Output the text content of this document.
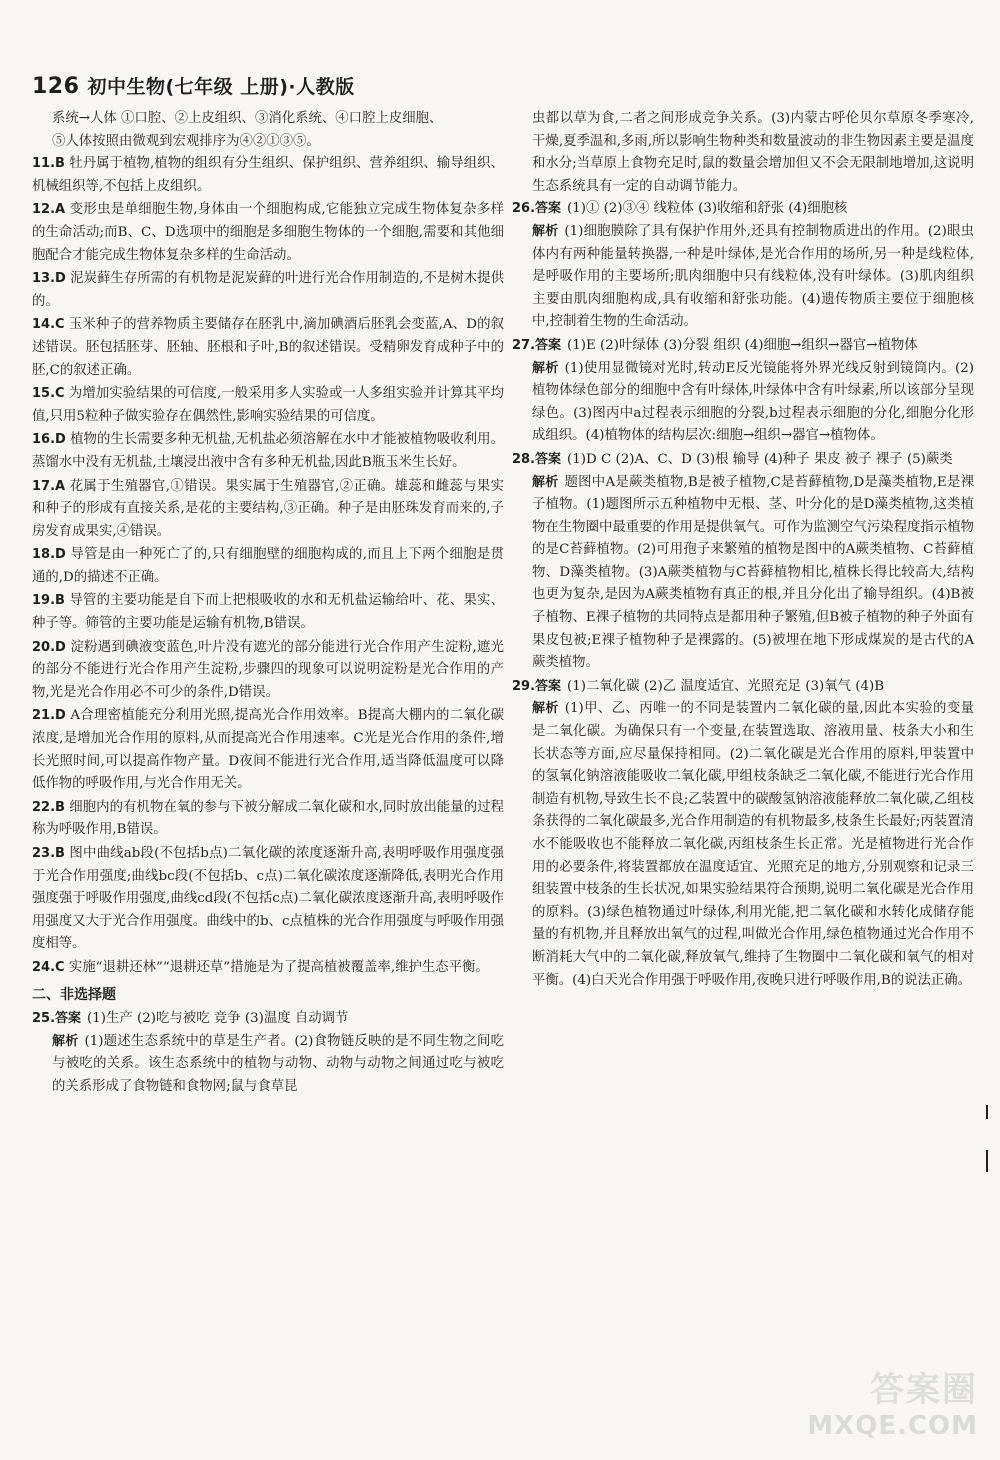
126 初中生物(七年级 上册)·人教版

系统→人体 ①口腔、②上皮组织、③消化系统、④口腔上皮细胞、

⑤人体按照由微观到宏观排序为④②①③⑤。

11.B 牡丹属于植物,植物的组织有分生组织、保护组织、营养组织、输导组织、机械组织等,不包括上皮组织。

12.A 变形虫是单细胞生物,身体由一个细胞构成,它能独立完成生物体复杂多样的生命活动;而B、C、D选项中的细胞是多细胞生物体的一个细胞,需要和其他细胞配合才能完成生物体复杂多样的生命活动。

13.D 泥炭藓生存所需的有机物是泥炭藓的叶进行光合作用制造的,不是树木提供的。

14.C 玉米种子的营养物质主要储存在胚乳中,滴加碘酒后胚乳会变蓝,A、D的叙述错误。胚包括胚芽、胚轴、胚根和子叶,B的叙述错误。受精卵发育成种子中的胚,C的叙述正确。

15.C 为增加实验结果的可信度,一般采用多人实验或一人多组实验并计算其平均值,只用5粒种子做实验存在偶然性,影响实验结果的可信度。

16.D 植物的生长需要多种无机盐,无机盐必须溶解在水中才能被植物吸收利用。蒸馏水中没有无机盐,土壤浸出液中含有多种无机盐,因此B瓶玉米生长好。

17.A 花属于生殖器官,①错误。果实属于生殖器官,②正确。雄蕊和雌蕊与果实和种子的形成有直接关系,是花的主要结构,③正确。种子是由胚珠发育而来的,子房发育成果实,④错误。

18.D 导管是由一种死亡了的,只有细胞壁的细胞构成的,而且上下两个细胞是贯通的,D的描述不正确。

19.B 导管的主要功能是自下而上把根吸收的水和无机盐运输给叶、花、果实、种子等。筛管的主要功能是运输有机物,B错误。

20.D 淀粉遇到碘液变蓝色,叶片没有遮光的部分能进行光合作用产生淀粉,遮光的部分不能进行光合作用产生淀粉,步骤四的现象可以说明淀粉是光合作用的产物,光是光合作用必不可少的条件,D错误。

21.D A合理密植能充分利用光照,提高光合作用效率。B提高大棚内的二氧化碳浓度,是增加光合作用的原料,从而提高光合作用速率。C光是光合作用的条件,增长光照时间,可以提高作物产量。D夜间不能进行光合作用,适当降低温度可以降低作物的呼吸作用,与光合作用无关。

22.B 细胞内的有机物在氧的参与下被分解成二氧化碳和水,同时放出能量的过程称为呼吸作用,B错误。

23.B 图中曲线ab段(不包括b点)二氧化碳的浓度逐渐升高,表明呼吸作用强度强于光合作用强度;曲线bc段(不包括b、c点)二氧化碳浓度逐渐降低,表明光合作用强度强于呼吸作用强度,曲线cd段(不包括c点)二氧化碳浓度逐渐升高,表明呼吸作用强度又大于光合作用强度。曲线中的b、c点植株的光合作用强度与呼吸作用强度相等。

24.C 实施“退耕还林”“退耕还草”措施是为了提高植被覆盖率,维护生态平衡。

二、非选择题

25.答案 (1)生产 (2)吃与被吃 竞争 (3)温度 自动调节

解析 (1)题述生态系统中的草是生产者。(2)食物链反映的是不同生物之间吃与被吃的关系。该生态系统中的植物与动物、动物与动物之间通过吃与被吃的关系形成了食物链和食物网;鼠与食草昆

虫都以草为食,二者之间形成竞争关系。(3)内蒙古呼伦贝尔草原冬季寒冷,干燥,夏季温和,多雨,所以影响生物种类和数量波动的非生物因素主要是温度和水分;当草原上食物充足时,鼠的数量会增加但又不会无限制地增加,这说明生态系统具有一定的自动调节能力。

26.答案 (1)① (2)③④ 线粒体 (3)收缩和舒张 (4)细胞核

解析 (1)细胞膜除了具有保护作用外,还具有控制物质进出的作用。(2)眼虫体内有两种能量转换器,一种是叶绿体,是光合作用的场所,另一种是线粒体,是呼吸作用的主要场所;肌肉细胞中只有线粒体,没有叶绿体。(3)肌肉组织主要由肌肉细胞构成,具有收缩和舒张功能。(4)遗传物质主要位于细胞核中,控制着生物的生命活动。

27.答案 (1)E (2)叶绿体 (3)分裂 组织 (4)细胞→组织→器官→植物体

解析 (1)使用显微镜对光时,转动E反光镜能将外界光线反射到镜筒内。(2)植物体绿色部分的细胞中含有叶绿体,叶绿体中含有叶绿素,所以该部分呈现绿色。(3)图丙中a过程表示细胞的分裂,b过程表示细胞的分化,细胞分化形成组织。(4)植物体的结构层次:细胞→组织→器官→植物体。

28.答案 (1)D C (2)A、C、D (3)根 输导 (4)种子 果皮 被子 裸子 (5)蕨类

解析 题图中A是蕨类植物,B是被子植物,C是苔藓植物,D是藻类植物,E是裸子植物。(1)题图所示五种植物中无根、茎、叶分化的是D藻类植物,这类植物在生物圈中最重要的作用是提供氧气。可作为监测空气污染程度指示植物的是C苔藓植物。(2)可用孢子来繁殖的植物是图中的A蕨类植物、C苔藓植物、D藻类植物。(3)A蕨类植物与C苔藓植物相比,植株长得比较高大,结构也更为复杂,是因为A蕨类植物有真正的根,并且分化出了输导组织。(4)B被子植物、E裸子植物的共同特点是都用种子繁殖,但B被子植物的种子外面有果皮包被;E裸子植物种子是裸露的。(5)被埋在地下形成煤炭的是古代的A蕨类植物。

29.答案 (1)二氧化碳 (2)乙 温度适宜、光照充足 (3)氧气 (4)B

解析 (1)甲、乙、丙唯一的不同是装置内二氧化碳的量,因此本实验的变量是二氧化碳。为确保只有一个变量,在装置选取、溶液用量、枝条大小和生长状态等方面,应尽量保持相同。(2)二氧化碳是光合作用的原料,甲装置中的氢氧化钠溶液能吸收二氧化碳,甲组枝条缺乏二氧化碳,不能进行光合作用制造有机物,导致生长不良;乙装置中的碳酸氢钠溶液能释放二氧化碳,乙组枝条获得的二氧化碳最多,光合作用制造的有机物最多,枝条生长最好;丙装置清水不能吸收也不能释放二氧化碳,丙组枝条生长正常。光是植物进行光合作用的必要条件,将装置都放在温度适宜、光照充足的地方,分别观察和记录三组装置中枝条的生长状况,如果实验结果符合预期,说明二氧化碳是光合作用的原料。(3)绿色植物通过叶绿体,利用光能,把二氧化碳和水转化成储存能量的有机物,并且释放出氧气的过程,叫做光合作用,绿色植物通过光合作用不断消耗大气中的二氧化碳,释放氧气,维持了生物圈中二氧化碳和氧气的相对平衡。(4)白天光合作用强于呼吸作用,夜晚只进行呼吸作用,B的说法正确。

答案圈
MXQE.COM
